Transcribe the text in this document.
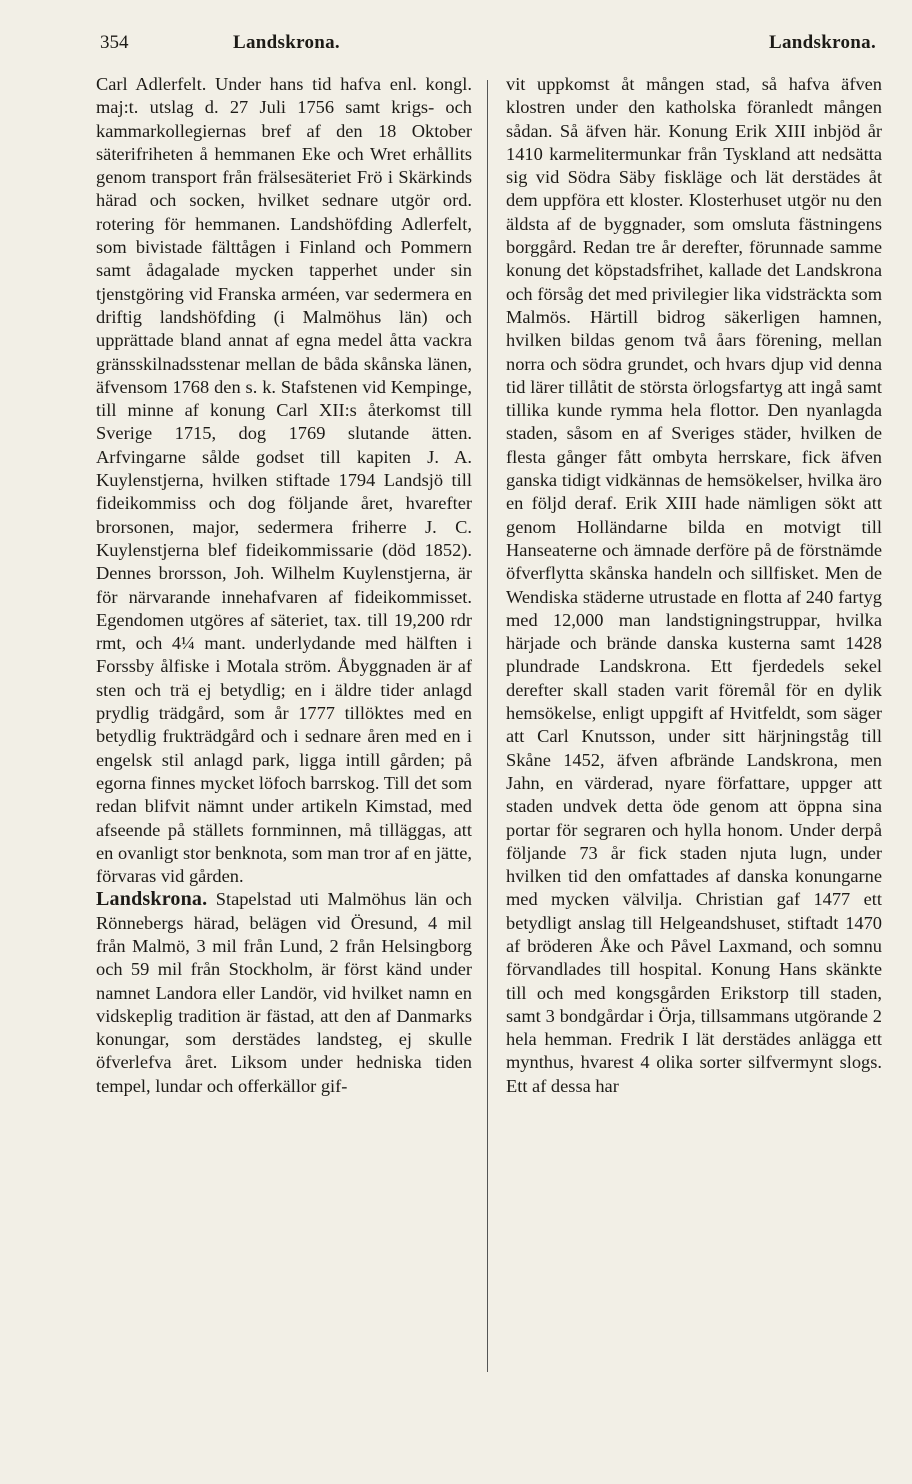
354	Landskrona.	Landskrona.

Carl Adlerfelt. Under hans tid hafva enl. kongl. maj:t. utslag d. 27 Juli 1756 samt krigs- och kammarkollegiernas bref af den 18 Oktober säterifriheten å hemmanen Eke och Wret erhållits genom transport från frälsesäteriet Frö i Skärkinds härad och socken, hvilket sednare utgör ord. rotering för hemmanen. Landshöfding Adlerfelt, som bivistade fälttågen i Finland och Pommern samt ådagalade mycken tapperhet under sin tjenstgöring vid Franska arméen, var sedermera en driftig landshöfding (i Malmöhus län) och upprättade bland annat af egna medel åtta vackra gränsskilnadsstenar mellan de båda skånska länen, äfvensom 1768 den s. k. Stafstenen vid Kempinge, till minne af konung Carl XII:s återkomst till Sverige 1715, dog 1769 slutande ätten. Arfvingarne sålde godset till kapiten J. A. Kuylenstjerna, hvilken stiftade 1794 Landsjö till fideikommiss och dog följande året, hvarefter brorsonen, major, sedermera friherre J. C. Kuylenstjerna blef fideikommissarie (död 1852). Dennes brorsson, Joh. Wilhelm Kuylenstjerna, är för närvarande innehafvaren af fideikommisset. Egendomen utgöres af säteriet, tax. till 19,200 rdr rmt, och 4¼ mant. underlydande med hälften i Forssby ålfiske i Motala ström. Åbyggnaden är af sten och trä ej betydlig; en i äldre tider anlagd prydlig trädgård, som år 1777 tillöktes med en betydlig frukträdgård och i sednare åren med en i engelsk stil anlagd park, ligga intill gården; på egorna finnes mycket löfoch barrskog. Till det som redan blifvit nämnt under artikeln Kimstad, med afseende på ställets fornminnen, må tilläggas, att en ovanligt stor benknota, som man tror af en jätte, förvaras vid gården.

Landskrona. Stapelstad uti Malmöhus län och Rönnebergs härad, belägen vid Öresund, 4 mil från Malmö, 3 mil från Lund, 2 från Helsingborg och 59 mil från Stockholm, är först känd under namnet Landora eller Landör, vid hvilket namn en vidskeplig tradition är fästad, att den af Danmarks konungar, som derstädes landsteg, ej skulle öfverlefva året. Liksom under hedniska tiden tempel, lundar och offerkällor gif-

vit uppkomst åt mången stad, så hafva äfven klostren under den katholska föranledt mången sådan. Så äfven här. Konung Erik XIII inbjöd år 1410 karmelitermunkar från Tyskland att nedsätta sig vid Södra Säby fiskläge och lät derstädes åt dem uppföra ett kloster. Klosterhuset utgör nu den äldsta af de byggnader, som omsluta fästningens borggård. Redan tre år derefter, förunnade samme konung det köpstadsfrihet, kallade det Landskrona och försåg det med privilegier lika vidsträckta som Malmös. Härtill bidrog säkerligen hamnen, hvilken bildas genom två åars förening, mellan norra och södra grundet, och hvars djup vid denna tid lärer tillåtit de största örlogsfartyg att ingå samt tillika kunde rymma hela flottor. Den nyanlagda staden, såsom en af Sveriges städer, hvilken de flesta gånger fått ombyta herrskare, fick äfven ganska tidigt vidkännas de hemsökelser, hvilka äro en följd deraf. Erik XIII hade nämligen sökt att genom Holländarne bilda en motvigt till Hanseaterne och ämnade derföre på de förstnämde öfverflytta skånska handeln och sillfisket. Men de Wendiska städerne utrustade en flotta af 240 fartyg med 12,000 man landstigningstruppar, hvilka härjade och brände danska kusterna samt 1428 plundrade Landskrona. Ett fjerdedels sekel derefter skall staden varit föremål för en dylik hemsökelse, enligt uppgift af Hvitfeldt, som säger att Carl Knutsson, under sitt härjningståg till Skåne 1452, äfven afbrände Landskrona, men Jahn, en värderad, nyare författare, uppger att staden undvek detta öde genom att öppna sina portar för segraren och hylla honom. Under derpå följande 73 år fick staden njuta lugn, under hvilken tid den omfattades af danska konungarne med mycken välvilja. Christian gaf 1477 ett betydligt anslag till Helgeandshuset, stiftadt 1470 af bröderen Åke och Påvel Laxmand, och somnu förvandlades till hospital. Konung Hans skänkte till och med kongsgården Erikstorp till staden, samt 3 bondgårdar i Örja, tillsammans utgörande 2 hela hemman. Fredrik I lät derstädes anlägga ett mynthus, hvarest 4 olika sorter silfvermynt slogs. Ett af dessa har
